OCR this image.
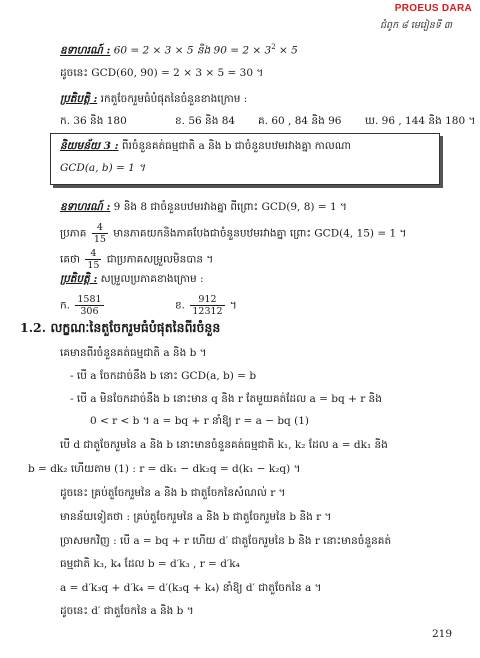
PROEUS DARA
ជំពូក ៨ មេរៀនទី ៣
ឧទាហរណ៍ : 60 = 2 × 3 × 5 និង $90 = 2 \times 3^2 \times 5$
ដូចនេះ GCD(60, 90) = 2 × 3 × 5 = 30 ។
ប្រតិបត្តិ : រកតួចែករួមធំបំផុតនៃចំនួនខាងក្រោម :
ក. 36 និង 180	ខ. 56 និង 84 គ. 60 , 84 និង 96 ឃ. 96 , 144 និង 180 ។
និយមន័យ 3 : ពីរចំនួនគត់ធម្មជាតិ a និង b ជាចំនួនបឋមរវាងគ្នា កាលណា
GCD(a, b) = 1 ។
ឧទាហរណ៍ : 9 និង 8 ជាចំនួនបឋមរវាងគ្នា ពីព្រោះ GCD(9, 8) = 1 ។
ប្រភាគ $\frac{4}{15}$ មានភាគយកនិងភាគបែងជាចំនួនបឋមរវាងគ្នា ព្រោះ GCD(4, 15) = 1 ។
គេថា $\frac{4}{15}$ ជាប្រភាគសម្រួលមិនបាន ។
ប្រតិបត្តិ : សម្រួលប្រភាគខាងក្រោម :
ក. $\frac{1581}{306}$	ខ. $\frac{912}{12312}$ ។
1.2. លក្ខណៈនៃតួចែករួមធំបំផុតនៃពីរចំនួន
គេមានពីរចំនួនគត់ធម្មជាតិ a និង b ។
- បើ a ចែកដាច់នឹង b នោះ GCD(a, b) = b
- បើ a មិនចែកដាច់នឹង b នោះមាន q និង r តែមួយគត់ដែល a = bq + r និង
0 < r < b ។ a = bq + r នាំឱ្យ r = a − bq (1)
បើ d ជាតួចែករួមនៃ a និង b នោះមានចំនួនគត់ធម្មជាតិ k₁, k₂ ដែល a = dk₁ និង
b = dk₂ ហើយតាម (1) : r = dk₁ − dk₂q = d(k₁ − k₂q) ។
ដូចនេះ គ្រប់តួចែករួមនៃ a និង b ជាតួចែកនៃសំណល់ r ។
មានន័យទៀតថា : គ្រប់តួចែករួមនៃ a និង b ជាតួចែករួមនៃ b និង r ។
ច្រាសមកវិញ : បើ a = bq + r ហើយ d′ ជាតួចែករួមនៃ b និង r នោះមានចំនួនគត់
ធម្មជាតិ k₃, k₄ ដែល b = d′k₃ , r = d′k₄
a = d′k₃q + d′k₄ = d′(k₃q + k₄) នាំឱ្យ d′ ជាតួចែកនៃ a ។
ដូចនេះ d′ ជាតួចែកនៃ a និង b ។
219
